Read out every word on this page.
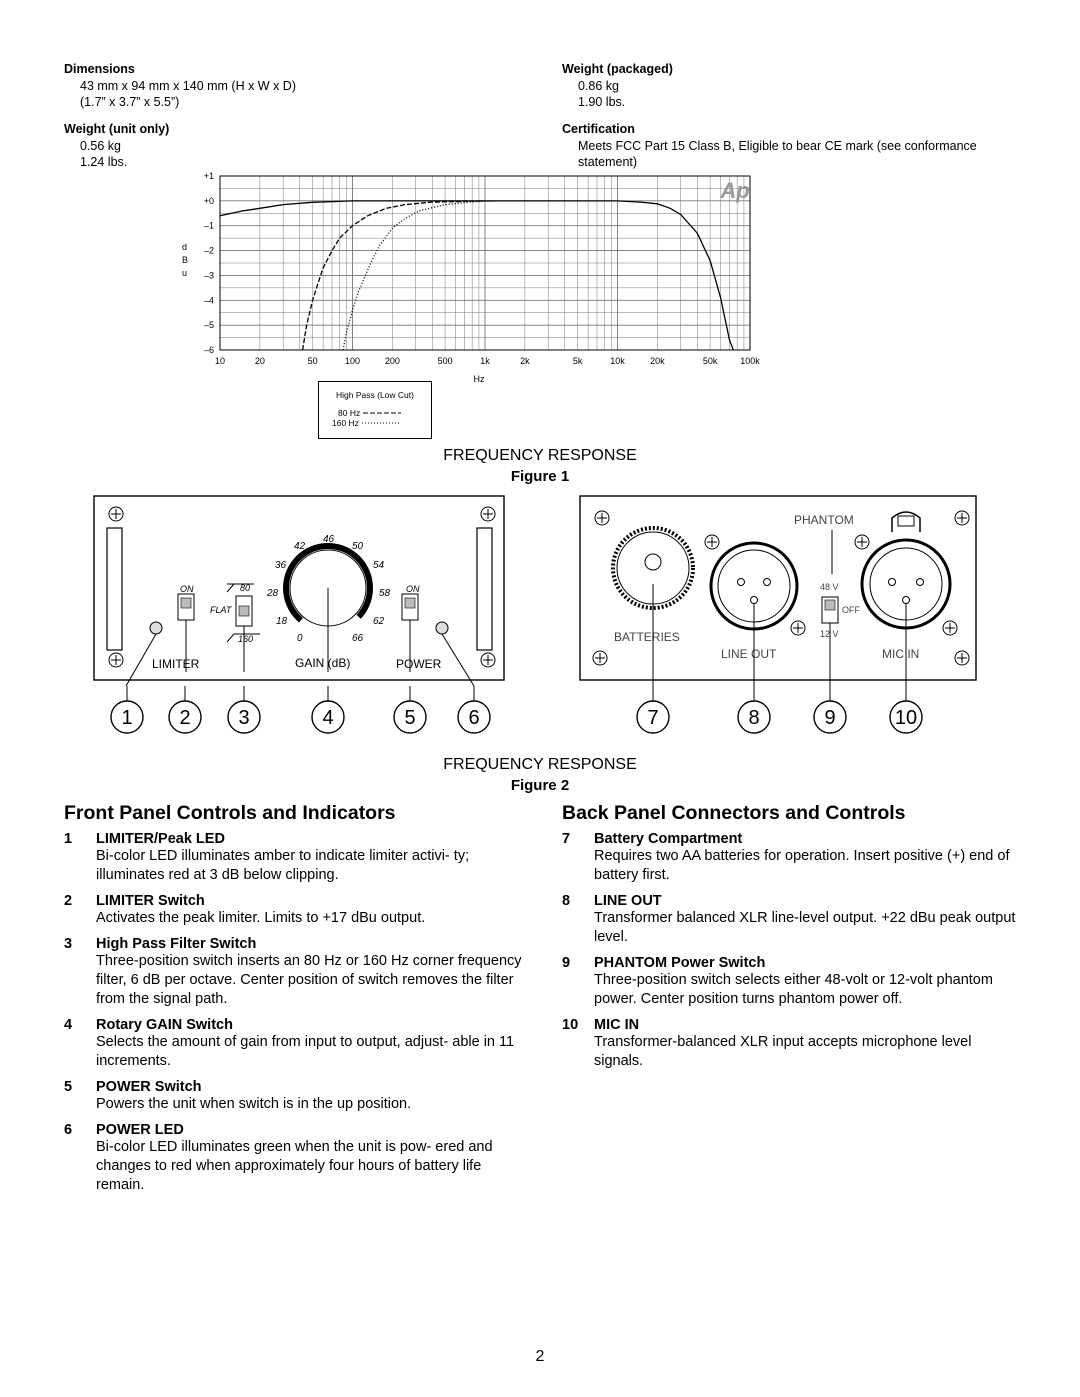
Dimensions
43 mm x 94 mm x 140 mm (H x W x D)
(1.7” x 3.7” x 5.5”)
Weight (unit only)
0.56 kg
1.24 lbs.
Weight (packaged)
0.86 kg
1.90 lbs.
Certification
Meets FCC Part 15 Class B, Eligible to bear CE mark (see conformance
statement)
d
B
u
+1
+0
–1
–2
–3
–4
–5
–6
10	20	50	100	200	500	1k	2k	5k	10k	20k	50k	100k
Hz
Ap
High Pass (Low Cut)
80 Hz
160 Hz
FREQUENCY RESPONSE
Figure 1
ON	80
FLAT
160
46
42	50
36	54
28	58
18	62
0	66
ON
LIMITER	GAIN (dB)	POWER
PHANTOM
48 V
OFF
12 V
BATTERIES
LINE OUT	MIC IN
1 2 3	4	5	6	7	8	9	10
FREQUENCY RESPONSE
Figure 2
Front Panel Controls and Indicators
1	LIMITER/Peak LED
Bi-color LED illuminates amber to indicate limiter activi- ty; illuminates red at 3 dB below clipping.
2	LIMITER Switch
Activates the peak limiter. Limits to +17 dBu output.
3	High Pass Filter Switch
Three-position switch inserts an 80 Hz or 160 Hz corner frequency filter, 6 dB per octave. Center position of switch removes the filter from the signal path.
4	Rotary GAIN Switch
Selects the amount of gain from input to output, adjust- able in 11 increments.
5	POWER Switch
Powers the unit when switch is in the up position.
6	POWER LED
Bi-color LED illuminates green when the unit is pow- ered and changes to red when approximately four hours of battery life remain.
Back Panel Connectors and Controls
7	Battery Compartment
Requires two AA batteries for operation. Insert positive (+) end of battery first.
8	LINE OUT
Transformer balanced XLR line-level output. +22 dBu peak output level.
9	PHANTOM Power Switch
Three-position switch selects either 48-volt or 12-volt phantom power. Center position turns phantom power off.
10	MIC IN
Transformer-balanced XLR input accepts microphone level signals.
2
